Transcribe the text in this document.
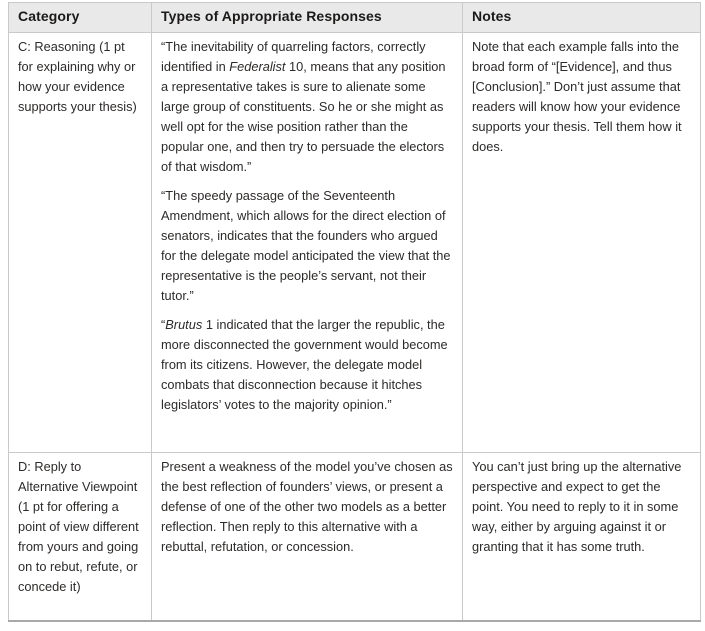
Category	Types of Appropriate Responses	Notes
C: Reasoning (1 pt for explaining why or how your evidence supports your thesis)	“The inevitability of quarreling factors, correctly identified in Federalist 10, means that any position a representative takes is sure to alienate some large group of constituents. So he or she might as well opt for the wise position rather than the popular one, and then try to persuade the electors of that wisdom.”

“The speedy passage of the Seventeenth Amendment, which allows for the direct election of senators, indicates that the founders who argued for the delegate model anticipated the view that the representative is the people’s servant, not their tutor.”

“Brutus 1 indicated that the larger the republic, the more disconnected the government would become from its citizens. However, the delegate model combats that disconnection because it hitches legislators’ votes to the majority opinion.”	Note that each example falls into the broad form of “[Evidence], and thus [Conclusion].” Don’t just assume that readers will know how your evidence supports your thesis. Tell them how it does.
D: Reply to Alternative Viewpoint (1 pt for offering a point of view different from yours and going on to rebut, refute, or concede it)	Present a weakness of the model you’ve chosen as the best reflection of founders’ views, or present a defense of one of the other two models as a better reflection. Then reply to this alternative with a rebuttal, refutation, or concession.	You can’t just bring up the alternative perspective and expect to get the point. You need to reply to it in some way, either by arguing against it or granting that it has some truth.
